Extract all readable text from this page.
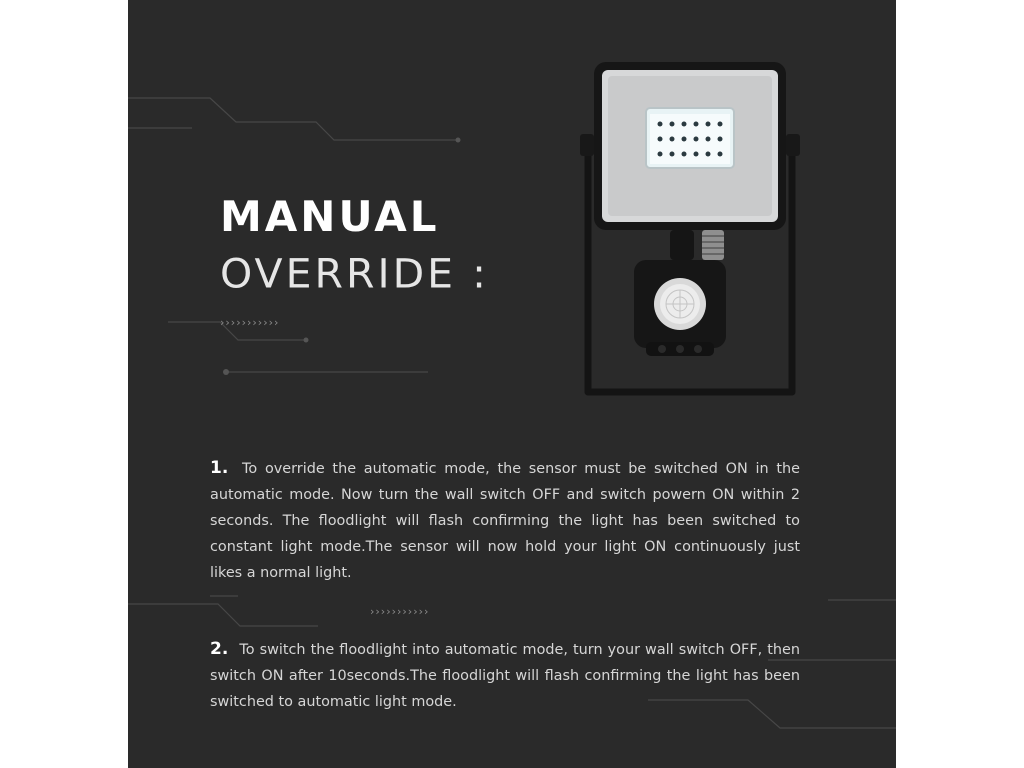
MANUAL
OVERRIDE :
›››››››››››

1. To override the automatic mode, the sensor must be switched ON in the automatic mode. Now turn the wall switch OFF and switch powern ON within 2 seconds. The floodlight will flash confirming the light has been switched to constant light mode.The sensor will now hold your light ON continuously just likes a normal light.

›››››››››››

2. To switch the floodlight into automatic mode, turn your wall switch OFF, then switch ON after 10seconds.The floodlight will flash confirming the light has been switched to automatic light mode.
